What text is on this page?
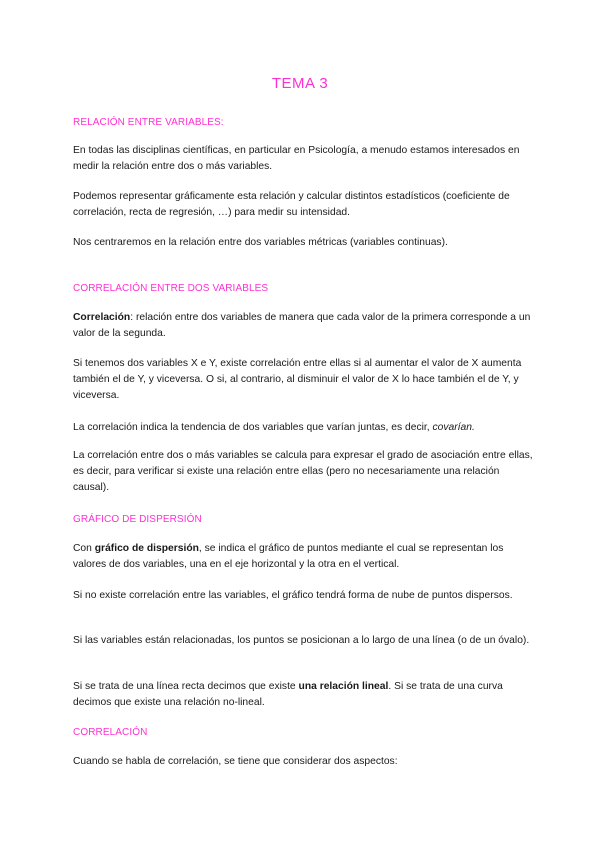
TEMA 3
RELACIÓN ENTRE VARIABLES:
En todas las disciplinas científicas, en particular en Psicología, a menudo estamos interesados en medir la relación entre dos o más variables.
Podemos representar gráficamente esta relación y calcular distintos estadísticos (coeficiente de correlación, recta de regresión, …) para medir su intensidad.
Nos centraremos en la relación entre dos variables métricas (variables continuas).
CORRELACIÓN ENTRE DOS VARIABLES
Correlación: relación entre dos variables de manera que cada valor de la primera corresponde a un valor de la segunda.
Si tenemos dos variables X e Y, existe correlación entre ellas si al aumentar el valor de X aumenta también el de Y, y viceversa. O si, al contrario, al disminuir el valor de X lo hace también el de Y, y viceversa.
La correlación indica la tendencia de dos variables que varían juntas, es decir, covarían.
La correlación entre dos o más variables se calcula para expresar el grado de asociación entre ellas, es decir, para verificar si existe una relación entre ellas (pero no necesariamente una relación causal).
GRÁFICO DE DISPERSIÓN
Con gráfico de dispersión, se indica el gráfico de puntos mediante el cual se representan los valores de dos variables, una en el eje horizontal y la otra en el vertical.
Si no existe correlación entre las variables, el gráfico tendrá forma de nube de puntos dispersos.
Si las variables están relacionadas, los puntos se posicionan a lo largo de una línea (o de un óvalo).
Si se trata de una línea recta decimos que existe una relación lineal. Si se trata de una curva decimos que existe una relación no-lineal.
CORRELACIÓN
Cuando se habla de correlación, se tiene que considerar dos aspectos:
